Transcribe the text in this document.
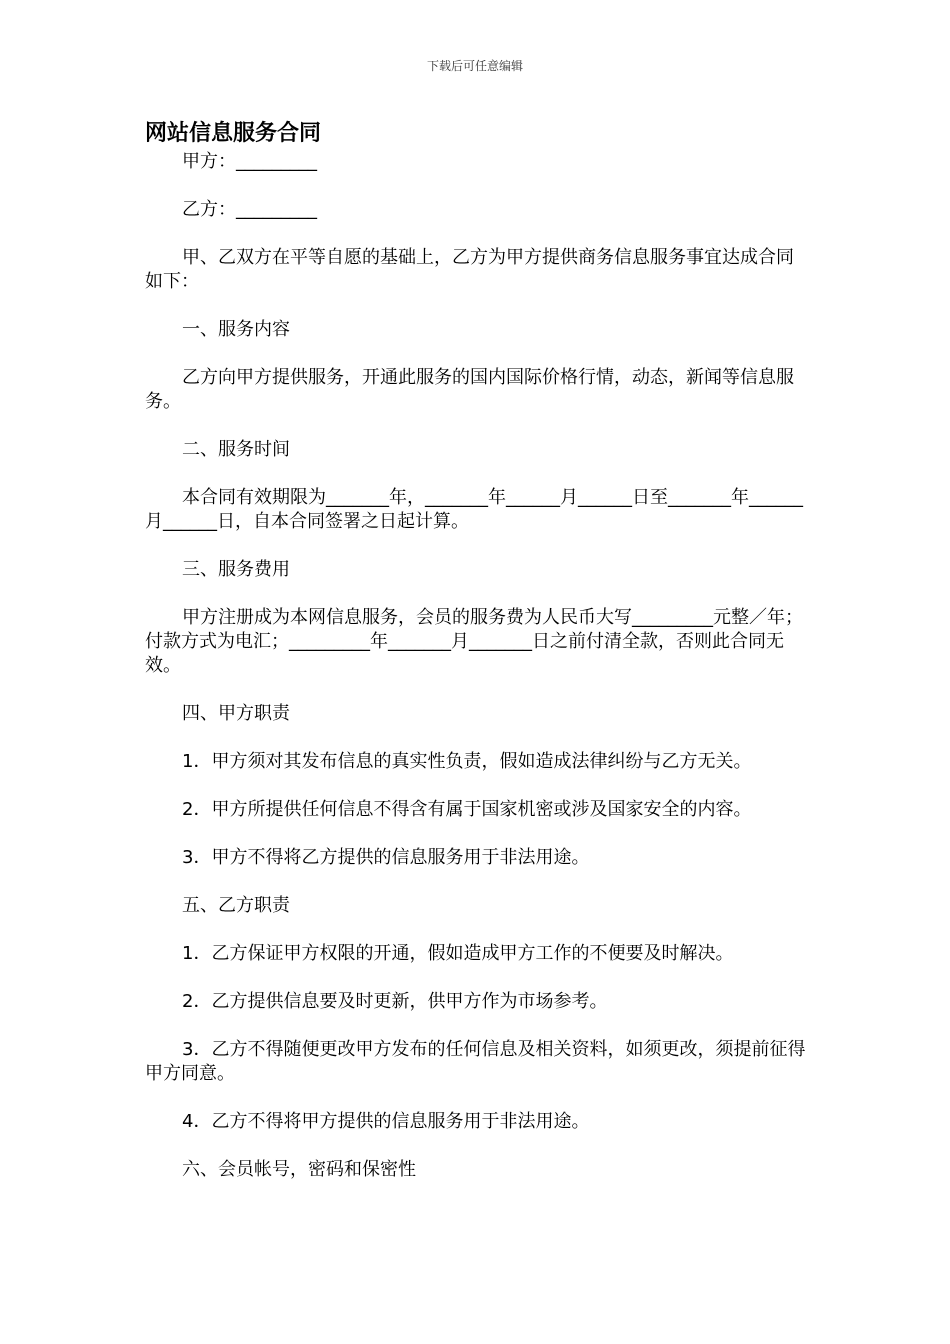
下载后可任意编辑
网站信息服务合同

甲方：_________

乙方：_________

甲、乙双方在平等自愿的基础上，乙方为甲方提供商务信息服务事宜达成合同如下：

一、服务内容

乙方向甲方提供服务，开通此服务的国内国际价格行情，动态，新闻等信息服务。

二、服务时间

本合同有效期限为_______年，_______年______月______日至_______年______月______日，自本合同签署之日起计算。

三、服务费用

甲方注册成为本网信息服务，会员的服务费为人民币大写_________元整／年；付款方式为电汇；_________年_______月_______日之前付清全款，否则此合同无效。

四、甲方职责

1．甲方须对其发布信息的真实性负责，假如造成法律纠纷与乙方无关。

2．甲方所提供任何信息不得含有属于国家机密或涉及国家安全的内容。

3．甲方不得将乙方提供的信息服务用于非法用途。

五、乙方职责

1．乙方保证甲方权限的开通，假如造成甲方工作的不便要及时解决。

2．乙方提供信息要及时更新，供甲方作为市场参考。

3．乙方不得随便更改甲方发布的任何信息及相关资料，如须更改，须提前征得甲方同意。

4．乙方不得将甲方提供的信息服务用于非法用途。

六、会员帐号，密码和保密性
